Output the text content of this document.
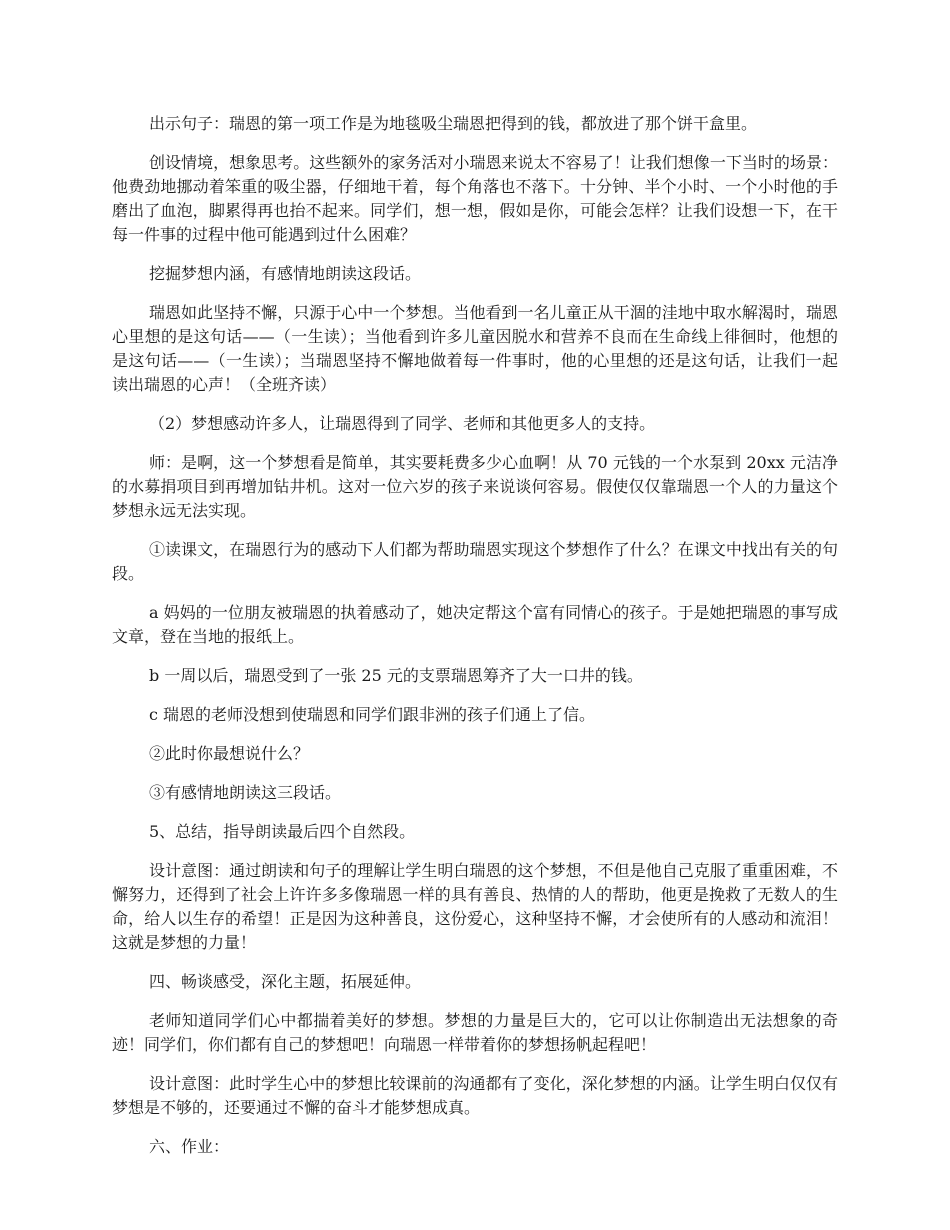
出示句子：瑞恩的第一项工作是为地毯吸尘瑞恩把得到的钱，都放进了那个饼干盒里。

创设情境，想象思考。这些额外的家务活对小瑞恩来说太不容易了！让我们想像一下当时的场景：他费劲地挪动着笨重的吸尘器，仔细地干着，每个角落也不落下。十分钟、半个小时、一个小时他的手磨出了血泡，脚累得再也抬不起来。同学们，想一想，假如是你，可能会怎样？让我们设想一下，在干每一件事的过程中他可能遇到过什么困难？

挖掘梦想内涵，有感情地朗读这段话。

瑞恩如此坚持不懈，只源于心中一个梦想。当他看到一名儿童正从干涸的洼地中取水解渴时，瑞恩心里想的是这句话——（一生读）；当他看到许多儿童因脱水和营养不良而在生命线上徘徊时，他想的是这句话——（一生读）；当瑞恩坚持不懈地做着每一件事时，他的心里想的还是这句话，让我们一起读出瑞恩的心声！（全班齐读）

（2）梦想感动许多人，让瑞恩得到了同学、老师和其他更多人的支持。

师：是啊，这一个梦想看是简单，其实要耗费多少心血啊！从 70 元钱的一个水泵到 20xx 元洁净的水募捐项目到再增加钻井机。这对一位六岁的孩子来说谈何容易。假使仅仅靠瑞恩一个人的力量这个梦想永远无法实现。

①读课文，在瑞恩行为的感动下人们都为帮助瑞恩实现这个梦想作了什么？在课文中找出有关的句段。

a 妈妈的一位朋友被瑞恩的执着感动了，她决定帮这个富有同情心的孩子。于是她把瑞恩的事写成文章，登在当地的报纸上。

b 一周以后，瑞恩受到了一张 25 元的支票瑞恩筹齐了大一口井的钱。

c 瑞恩的老师没想到使瑞恩和同学们跟非洲的孩子们通上了信。

②此时你最想说什么？

③有感情地朗读这三段话。

5、总结，指导朗读最后四个自然段。

设计意图：通过朗读和句子的理解让学生明白瑞恩的这个梦想，不但是他自己克服了重重困难，不懈努力，还得到了社会上许许多多像瑞恩一样的具有善良、热情的人的帮助，他更是挽救了无数人的生命，给人以生存的希望！正是因为这种善良，这份爱心，这种坚持不懈，才会使所有的人感动和流泪！这就是梦想的力量！

四、畅谈感受，深化主题，拓展延伸。

老师知道同学们心中都揣着美好的梦想。梦想的力量是巨大的，它可以让你制造出无法想象的奇迹！同学们，你们都有自己的梦想吧！向瑞恩一样带着你的梦想扬帆起程吧！

设计意图：此时学生心中的梦想比较课前的沟通都有了变化，深化梦想的内涵。让学生明白仅仅有梦想是不够的，还要通过不懈的奋斗才能梦想成真。

六、作业：
